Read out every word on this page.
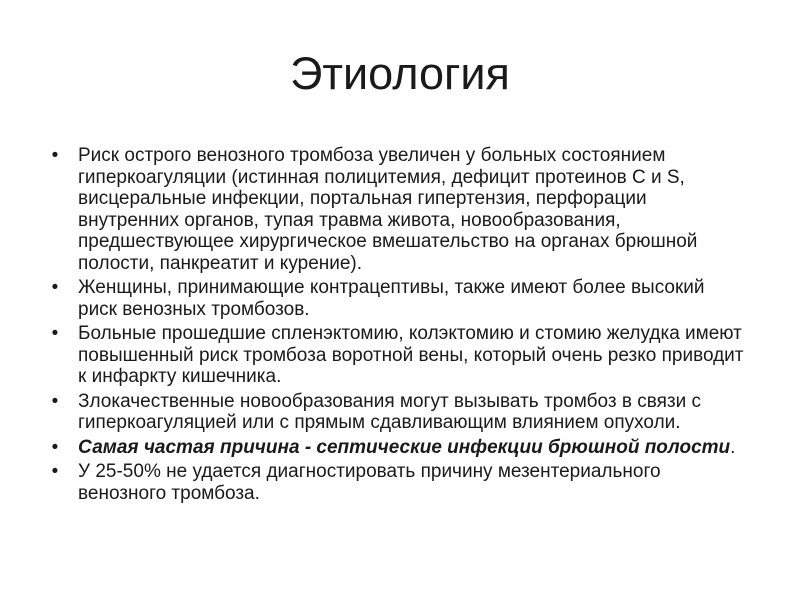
Этиология
• Риск острого венозного тромбоза увеличен у больных состоянием гиперкоагуляции (истинная полицитемия, дефицит протеинов C и S, висцеральные инфекции, портальная гипертензия, перфорации внутренних органов, тупая травма живота, новообразования, предшествующее хирургическое вмешательство на органах брюшной полости, панкреатит и курение).
• Женщины, принимающие контрацептивы, также имеют более высокий риск венозных тромбозов.
• Больные прошедшие спленэктомию, колэктомию и стомию желудка имеют повышенный риск тромбоза воротной вены, который очень резко приводит к инфаркту кишечника.
• Злокачественные новообразования могут вызывать тромбоз в связи с гиперкоагуляцией или с прямым сдавливающим влиянием опухоли.
• Самая частая причина - септические инфекции брюшной полости.
• У 25-50% не удается диагностировать причину мезентериального венозного тромбоза.
